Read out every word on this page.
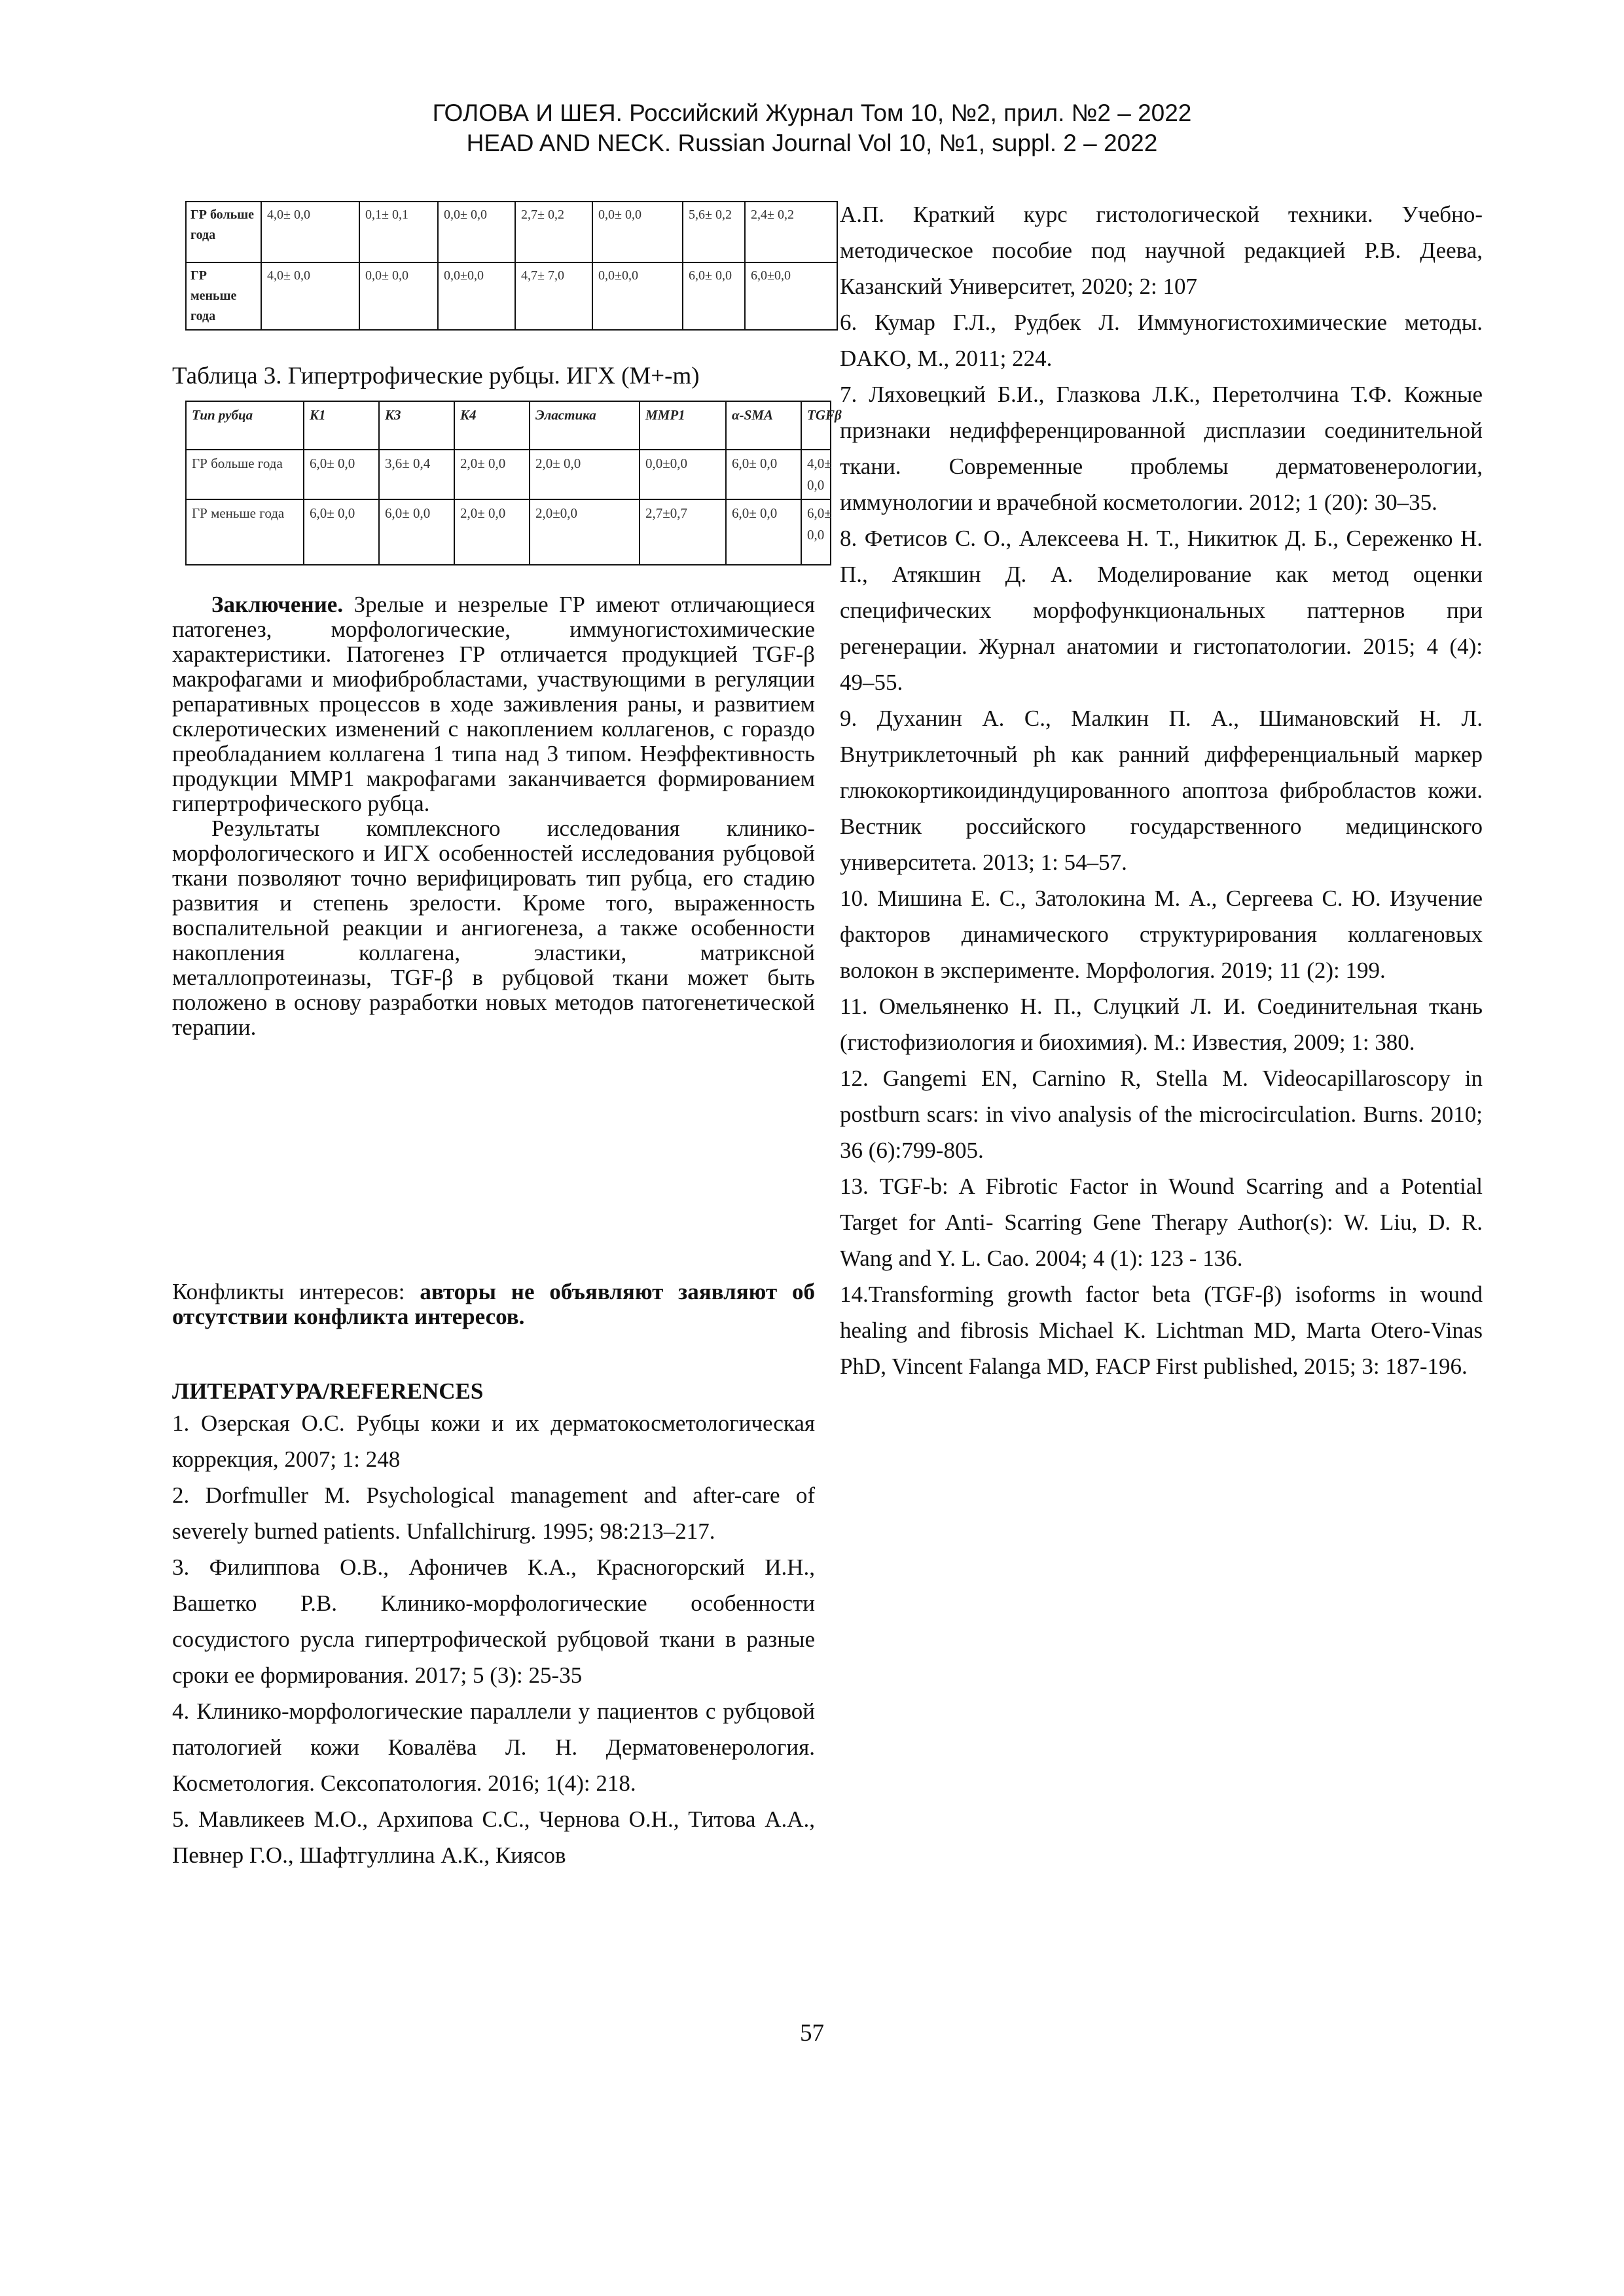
ГОЛОВА И ШЕЯ. Российский Журнал Том 10, №2, прил. №2 – 2022
HEAD AND NECK. Russian Journal Vol 10, №1, suppl. 2 – 2022
ГР больше года	4,0± 0,0	0,1± 0,1	0,0± 0,0	2,7± 0,2	0,0± 0,0	5,6± 0,2	2,4± 0,2
ГР меньше года	4,0± 0,0	0,0± 0,0	0,0±0,0	4,7± 7,0	0,0±0,0	6,0± 0,0	6,0±0,0
Таблица 3. Гипертрофические рубцы. ИГХ (M+-m)
Тип рубца	K1	K3	K4	Эластика	MMP1	α-SMA	TGFβ
ГР больше года	6,0± 0,0	3,6± 0,4	2,0± 0,0	2,0± 0,0	0,0±0,0	6,0± 0,0	4,0± 0,0
ГР меньше года	6,0± 0,0	6,0± 0,0	2,0± 0,0	2,0±0,0	2,7±0,7	6,0± 0,0	6,0± 0,0

Заключение. Зрелые и незрелые ГР имеют отличающиеся патогенез, морфологические, иммуногистохимические характеристики. Патогенез ГР отличается продукцией TGF-β макрофагами и миофибробластами, участвующими в регуляции репаративных процессов в ходе заживления раны, и развитием склеротических изменений с накоплением коллагенов, с гораздо преобладанием коллагена 1 типа над 3 типом. Неэффективность продукции MMP1 макрофагами заканчивается формированием гипертрофического рубца.

Результаты комплексного исследования клинико-морфологического и ИГХ особенностей исследования рубцовой ткани позволяют точно верифицировать тип рубца, его стадию развития и степень зрелости. Кроме того, выраженность воспалительной реакции и ангиогенеза, а также особенности накопления коллагена, эластики, матриксной металлопротеиназы, TGF-β в рубцовой ткани может быть положено в основу разработки новых методов патогенетической терапии.

Конфликты интересов: авторы не объявляют заявляют об отсутствии конфликта интересов.

ЛИТЕРАТУРА/REFERENCES

1. Озерская О.С. Рубцы кожи и их дерматокосметологическая коррекция, 2007; 1: 248

2. Dorfmuller M. Psychological management and after-care of severely burned patients. Unfallchirurg. 1995; 98:213–217.

3. Филиппова О.В., Афоничев К.А., Красногорский И.Н., Вашетко Р.В. Клинико-морфологические особенности сосудистого русла гипертрофической рубцовой ткани в разные сроки ее формирования. 2017; 5 (3): 25-35

4. Клинико-морфологические параллели у пациентов с рубцовой патологией кожи Ковалёва Л. Н. Дерматовенерология. Косметология. Сексопатология. 2016; 1(4): 218.

5. Мавликеев М.О., Архипова С.С., Чернова О.Н., Титова А.А., Певнер Г.О., Шафтгуллина А.К., Киясов

А.П. Краткий курс гистологической техники. Учебно-методическое пособие под научной редакцией Р.В. Деева, Казанский Университет, 2020; 2: 107

6. Кумар Г.Л., Рудбек Л. Иммуногистохимические методы. DAKO, М., 2011; 224.

7. Ляховецкий Б.И., Глазкова Л.К., Перетолчина Т.Ф. Кожные признаки недифференцированной дисплазии соединительной ткани. Современные проблемы дерматовенерологии, иммунологии и врачебной косметологии. 2012; 1 (20): 30–35.

8. Фетисов С. О., Алексеева Н. Т., Никитюк Д. Б., Сереженко Н. П., Атякшин Д. А. Моделирование как метод оценки специфических морфофункциональных паттернов при регенерации. Журнал анатомии и гистопатологии. 2015; 4 (4): 49–55.

9. Духанин А. С., Малкин П. А., Шимановский Н. Л. Внутриклеточный ph как ранний дифференциальный маркер глюкокортикоидиндуцированного апоптоза фибробластов кожи. Вестник российского государственного медицинского университета. 2013; 1: 54–57.

10. Мишина Е. С., Затолокина М. А., Сергеева С. Ю. Изучение факторов динамического структурирования коллагеновых волокон в эксперименте. Морфология. 2019; 11 (2): 199.

11. Омельяненко Н. П., Слуцкий Л. И. Соединительная ткань (гистофизиология и биохимия). М.: Известия, 2009; 1: 380.

12. Gangemi EN, Carnino R, Stella M. Videocapillaroscopy in postburn scars: in vivo analysis of the microcirculation. Burns. 2010; 36 (6):799-805.

13. TGF-b: A Fibrotic Factor in Wound Scarring and a Potential Target for Anti- Scarring Gene Therapy Author(s): W. Liu, D. R. Wang and Y. L. Cao. 2004; 4 (1): 123 - 136.

14.Transforming growth factor beta (TGF-β) isoforms in wound healing and fibrosis Michael K. Lichtman MD, Marta Otero-Vinas PhD, Vincent Falanga MD, FACP First published, 2015; 3: 187-196.

57
